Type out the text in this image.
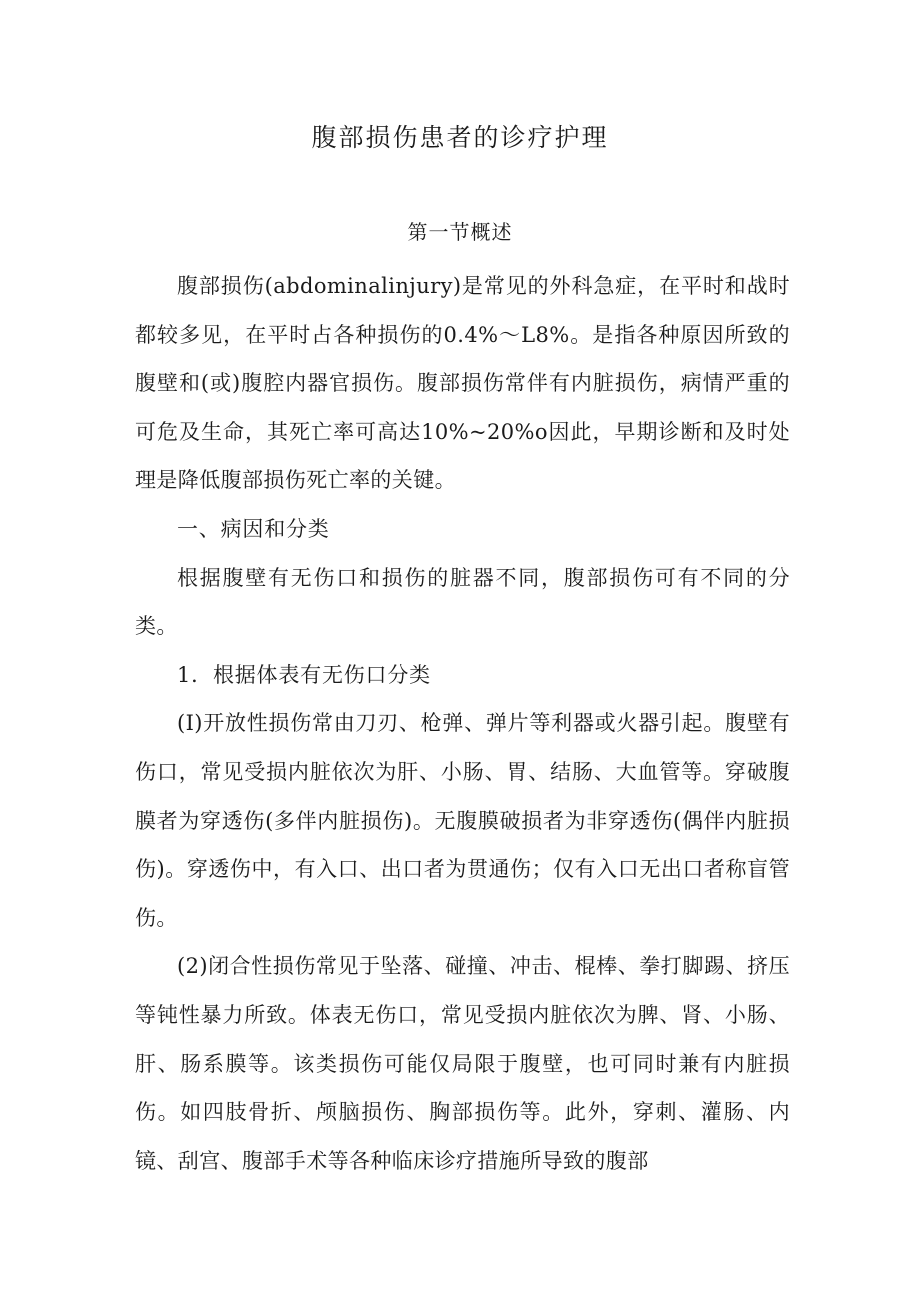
腹部损伤患者的诊疗护理
第一节概述

腹部损伤(abdominalinjury)是常见的外科急症，在平时和战时都较多见，在平时占各种损伤的0.4%～L8%。是指各种原因所致的腹壁和(或)腹腔内器官损伤。腹部损伤常伴有内脏损伤，病情严重的可危及生命，其死亡率可高达10%~20%o因此，早期诊断和及时处理是降低腹部损伤死亡率的关键。

一、病因和分类

根据腹壁有无伤口和损伤的脏器不同，腹部损伤可有不同的分类。

1．根据体表有无伤口分类

(I)开放性损伤常由刀刃、枪弹、弹片等利器或火器引起。腹壁有伤口，常见受损内脏依次为肝、小肠、胃、结肠、大血管等。穿破腹膜者为穿透伤(多伴内脏损伤)。无腹膜破损者为非穿透伤(偶伴内脏损伤)。穿透伤中，有入口、出口者为贯通伤；仅有入口无出口者称盲管伤。

(2)闭合性损伤常见于坠落、碰撞、冲击、棍棒、拳打脚踢、挤压等钝性暴力所致。体表无伤口，常见受损内脏依次为脾、肾、小肠、肝、肠系膜等。该类损伤可能仅局限于腹壁，也可同时兼有内脏损伤。如四肢骨折、颅脑损伤、胸部损伤等。此外，穿刺、灌肠、内镜、刮宫、腹部手术等各种临床诊疗措施所导致的腹部
